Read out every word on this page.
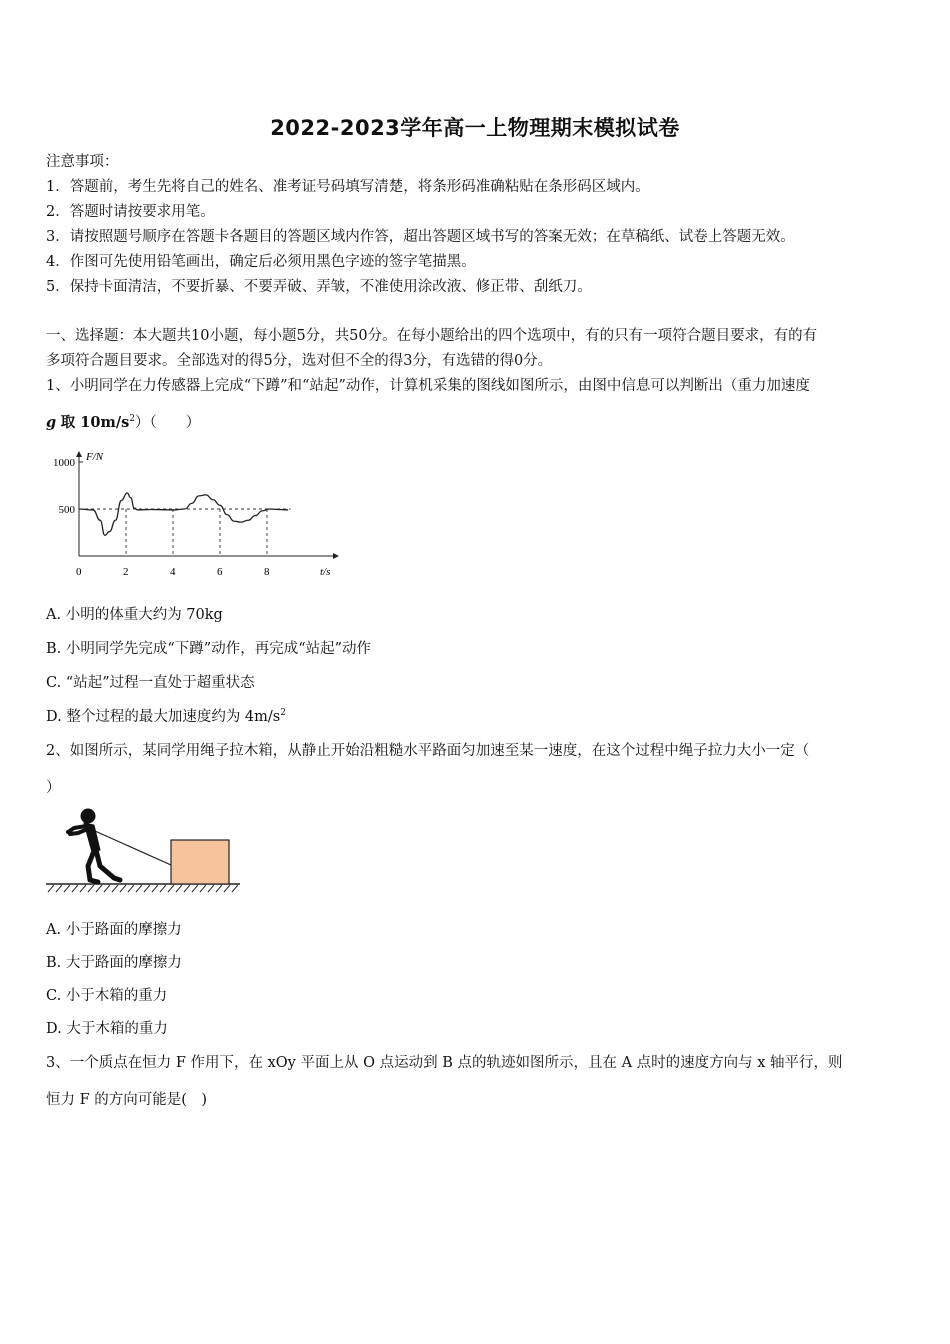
2022-2023学年高一上物理期末模拟试卷
注意事项：
1．答题前，考生先将自己的姓名、准考证号码填写清楚，将条形码准确粘贴在条形码区域内。
2．答题时请按要求用笔。
3．请按照题号顺序在答题卡各题目的答题区域内作答，超出答题区域书写的答案无效；在草稿纸、试卷上答题无效。
4．作图可先使用铅笔画出，确定后必须用黑色字迹的签字笔描黑。
5．保持卡面清洁，不要折暴、不要弄破、弄皱，不准使用涂改液、修正带、刮纸刀。
一、选择题：本大题共10小题，每小题5分，共50分。在每小题给出的四个选项中，有的只有一项符合题目要求，有的有
多项符合题目要求。全部选对的得5分，选对但不全的得3分，有选错的得0分。
1、小明同学在力传感器上完成“下蹲”和“站起”动作，计算机采集的图线如图所示，由图中信息可以判断出（重力加速度
g 取 $10m/s^2$）（　　）
F/N
t/s
0	2	4	6	8
500
1000
A. 小明的体重大约为 70kg
B. 小明同学先完成“下蹲”动作，再完成“站起”动作
C. “站起”过程一直处于超重状态
D. 整个过程的最大加速度约为 $4m/s^2$
2、如图所示，某同学用绳子拉木箱，从静止开始沿粗糙水平路面匀加速至某一速度，在这个过程中绳子拉力大小一定（
）
A. 小于路面的摩擦力
B. 大于路面的摩擦力
C. 小于木箱的重力
D. 大于木箱的重力
3、一个质点在恒力 F 作用下，在 xOy 平面上从 O 点运动到 B 点的轨迹如图所示，且在 A 点时的速度方向与 x 轴平行，则
恒力 F 的方向可能是(　)
